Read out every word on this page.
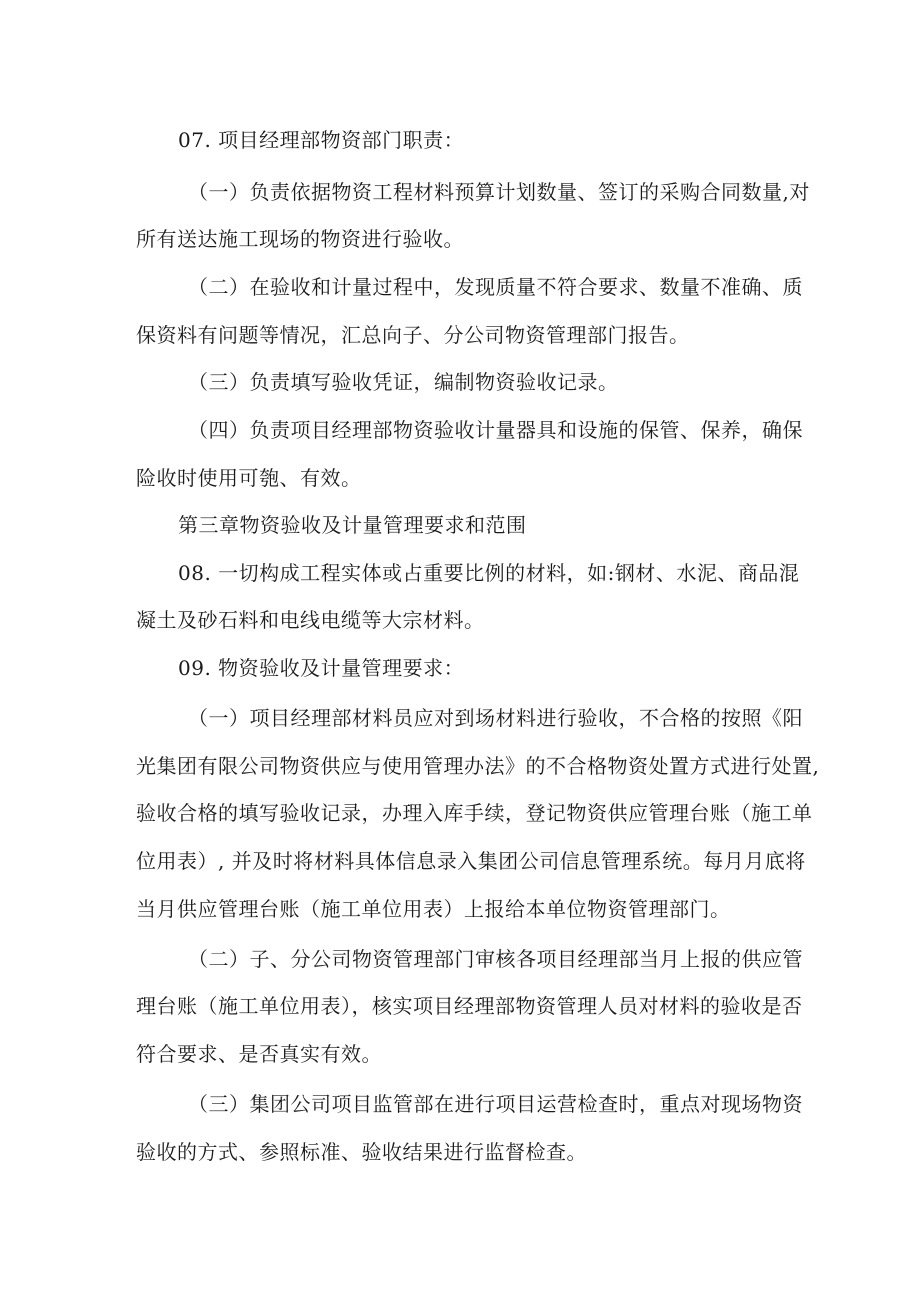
07. 项目经理部物资部门职责：
（一）负责依据物资工程材料预算计划数量、签订的采购合同数量,对
所有送达施工现场的物资进行验收。
（二）在验收和计量过程中，发现质量不符合要求、数量不准确、质
保资料有问题等情况，汇总向子、分公司物资管理部门报告。
（三）负责填写验收凭证，编制物资验收记录。
（四）负责项目经理部物资验收计量器具和设施的保管、保养，确保
险收时使用可匏、有效。
第三章物资验收及计量管理要求和范围
08. 一切构成工程实体或占重要比例的材料，如:钢材、水泥、商品混
凝土及砂石料和电线电缆等大宗材料。
09. 物资验收及计量管理要求：
（一）项目经理部材料员应对到场材料进行验收，不合格的按照《阳
光集团有限公司物资供应与使用管理办法》的不合格物资处置方式进行处置,
验收合格的填写验收记录，办理入库手续，登记物资供应管理台账（施工单
位用表）, 并及时将材料具体信息录入集团公司信息管理系统。每月月底将
当月供应管理台账（施工单位用表）上报给本单位物资管理部门。
（二）子、分公司物资管理部门审核各项目经理部当月上报的供应管
理台账（施工单位用表），核实项目经理部物资管理人员对材料的验收是否
符合要求、是否真实有效。
（三）集团公司项目监管部在进行项目运营检查时，重点对现场物资
验收的方式、参照标准、验收结果进行监督检查。
